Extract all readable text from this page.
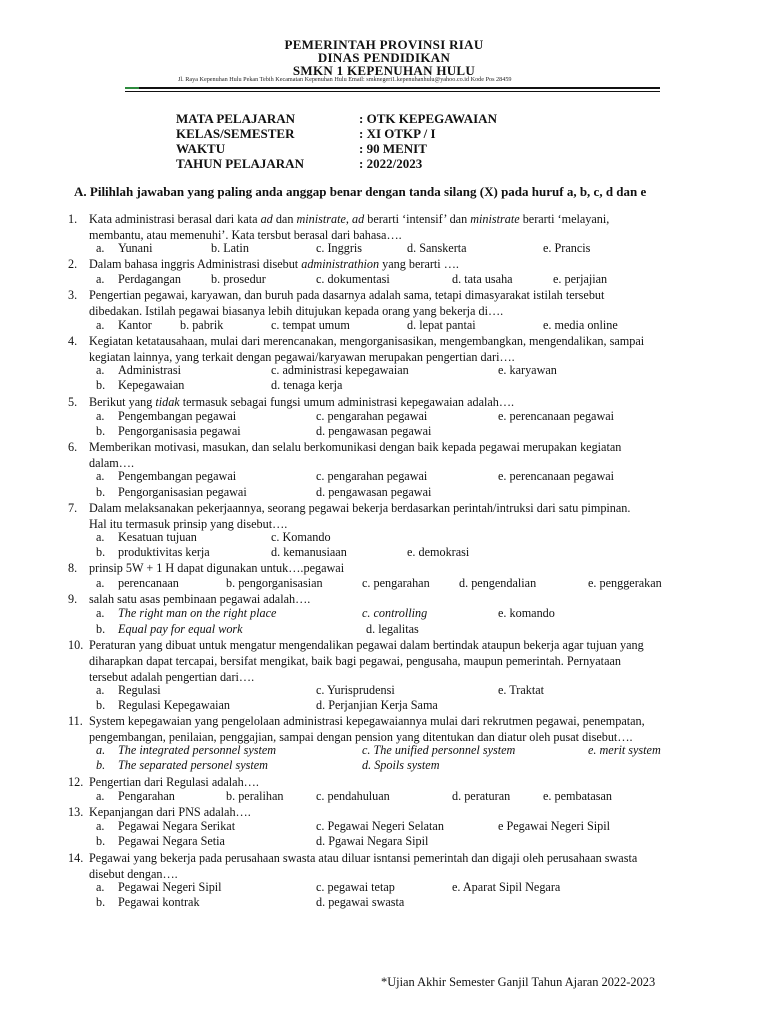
PEMERINTAH PROVINSI RIAU
DINAS PENDIDIKAN
SMKN 1 KEPENUHAN HULU
Jl. Raya Kepenuhan Hulu Pekan Tebih Kecamatan Kepenuhan Hulu Email: smknegeri1.kepenuhanhulu@yahoo.co.id Kode Pos 28459
MATA PELAJARAN	: OTK KEPEGAWAIAN
KELAS/SEMESTER	: XI OTKP / I
WAKTU	: 90 MENIT
TAHUN PELAJARAN	: 2022/2023
A. Pilihlah jawaban yang paling anda anggap benar dengan tanda silang (X) pada huruf a, b, c, d dan e
1. Kata administrasi berasal dari kata ad dan ministrate, ad berarti ‘intensif’ dan ministrate berarti ‘melayani,
membantu, atau memenuhi’. Kata tersbut berasal dari bahasa….
a. Yunani	b. Latin	c. Inggris	d. Sanskerta	e. Prancis
2. Dalam bahasa inggris Administrasi disebut administrathion yang berarti ….
a. Perdagangan b. prosedur	c. dokumentasi	d. tata usaha	e. perjajian
3. Pengertian pegawai, karyawan, dan buruh pada dasarnya adalah sama, tetapi dimasyarakat istilah tersebut
dibedakan. Istilah pegawai biasanya lebih ditujukan kepada orang yang bekerja di….
a. Kantor b. pabrik	c. tempat umum	d. lepat pantai	e. media online
4. Kegiatan ketatausahaan, mulai dari merencanakan, mengorganisasikan, mengembangkan, mengendalikan, sampai
kegiatan lainnya, yang terkait dengan pegawai/karyawan merupakan pengertian dari….
a. Administrasi	c. administrasi kepegawaian	e. karyawan
b. Kepegawaian	d. tenaga kerja
5. Berikut yang tidak termasuk sebagai fungsi umum administrasi kepegawaian adalah….
a. Pengembangan pegawai	c. pengarahan pegawai	e. perencanaan pegawai
b. Pengorganisasia pegawai	d. pengawasan pegawai
6. Memberikan motivasi, masukan, dan selalu berkomunikasi dengan baik kepada pegawai merupakan kegiatan
dalam….
a. Pengembangan pegawai	c. pengarahan pegawai	e. perencanaan pegawai
b. Pengorganisasian pegawai	d. pengawasan pegawai
7. Dalam melaksanakan pekerjaannya, seorang pegawai bekerja berdasarkan perintah/intruksi dari satu pimpinan.
Hal itu termasuk prinsip yang disebut….
a. Kesatuan tujuan	c. Komando
b. produktivitas kerja	d. kemanusiaan	e. demokrasi
8. prinsip 5W + 1 H dapat digunakan untuk….pegawai
a. perencanaan	b. pengorganisasian	c. pengarahan d. pengendalian	e. penggerakan
9. salah satu asas pembinaan pegawai adalah….
a. The right man on the right place	c. controlling	e. komando
b. Equal pay for equal work	d. legalitas
10. Peraturan yang dibuat untuk mengatur mengendalikan pegawai dalam bertindak ataupun bekerja agar tujuan yang
diharapkan dapat tercapai, bersifat mengikat, baik bagi pegawai, pengusaha, maupun pemerintah. Pernyataan
tersebut adalah pengertian dari….
a. Regulasi	c. Yurisprudensi	e. Traktat
b. Regulasi Kepegawaian	d. Perjanjian Kerja Sama
11. System kepegawaian yang pengelolaan administrasi kepegawaiannya mulai dari rekrutmen pegawai, penempatan,
pengembangan, penilaian, penggajian, sampai dengan pension yang ditentukan dan diatur oleh pusat disebut….
a. The integrated personnel system	c. The unified personnel system	e. merit system
b. The separated personel system	d. Spoils system
12. Pengertian dari Regulasi adalah….
a. Pengarahan	b. peralihan	c. pendahuluan	d. peraturan	e. pembatasan
13. Kepanjangan dari PNS adalah….
a. Pegawai Negara Serikat	c. Pegawai Negeri Selatan	e Pegawai Negeri Sipil
b. Pegawai Negara Setia	d. Pgawai Negara Sipil
14. Pegawai yang bekerja pada perusahaan swasta atau diluar isntansi pemerintah dan digaji oleh perusahaan swasta
disebut dengan….
a. Pegawai Negeri Sipil	c. pegawai tetap	e. Aparat Sipil Negara
b. Pegawai kontrak	d. pegawai swasta
*Ujian Akhir Semester Ganjil Tahun Ajaran 2022-2023
